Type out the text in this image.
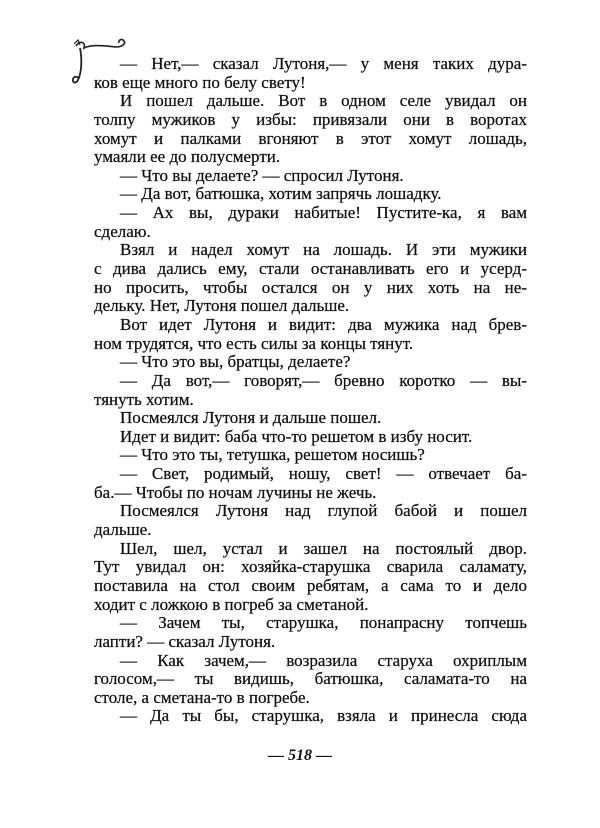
— Нет,— сказал Лутоня,— у меня таких дура-
ков еще много по белу свету!
И пошел дальше. Вот в одном селе увидал он
толпу мужиков у избы: привязали они в воротах
хомут и палками вгоняют в этот хомут лошадь,
умаяли ее до полусмерти.
— Что вы делаете? — спросил Лутоня.
— Да вот, батюшка, хотим запрячь лошадку.
— Ах вы, дураки набитые! Пустите-ка, я вам
сделаю.
Взял и надел хомут на лошадь. И эти мужики
с дива дались ему, стали останавливать его и усерд-
но просить, чтобы остался он у них хоть на не-
дельку. Нет, Лутоня пошел дальше.
Вот идет Лутоня и видит: два мужика над брев-
ном трудятся, что есть силы за концы тянут.
— Что это вы, братцы, делаете?
— Да вот,— говорят,— бревно коротко — вы-
тянуть хотим.
Посмеялся Лутоня и дальше пошел.
Идет и видит: баба что-то решетом в избу носит.
— Что это ты, тетушка, решетом носишь?
— Свет, родимый, ношу, свет! — отвечает ба-
ба.— Чтобы по ночам лучины не жечь.
Посмеялся Лутоня над глупой бабой и пошел
дальше.
Шел, шел, устал и зашел на постоялый двор.
Тут увидал он: хозяйка-старушка сварила саламату,
поставила на стол своим ребятам, а сама то и дело
ходит с ложкою в погреб за сметаной.
— Зачем ты, старушка, понапрасну топчешь
лапти? — сказал Лутоня.
— Как зачем,— возразила старуха охриплым
голосом,— ты видишь, батюшка, саламата-то на
столе, а сметана-то в погребе.
— Да ты бы, старушка, взяла и принесла сюда
— 518 —
